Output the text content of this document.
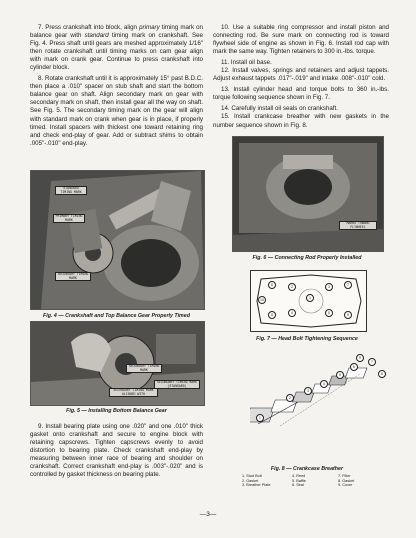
7. Press crankshaft into block, align primary timing mark on balance gear with standard timing mark on crankshaft. See Fig. 4. Press shaft until gears are meshed approximately 1/16" then rotate crankshaft until timing marks on cam gear align with mark on crank gear. Continue to press crankshaft into cylinder block.

8. Rotate crankshaft until it is approximately 15° past B.D.C. then place a .010" spacer on stub shaft and start the bottom balance gear on shaft. Align secondary mark on gear with secondary mark on shaft, then install gear all the way on shaft. See Fig. 5. The secondary timing mark on the gear will align with standard mark on crank when gear is in place, if properly timed. Install spacers with thickest one toward retaining ring and check end-play of gear. Add or subtract shims to obtain .005"-.010" end-play.

STANDARD TIMING MARK
PRIMARY TIMING MARK
SECONDARY TIMING MARK
Fig. 4 — Crankshaft and Top Balance Gear Properly Timed
SECONDARY TIMING MARK
SECONDARY TIMING MARK (STANDARD)
SECONDARY TIMING MARK ALIGNED WITH
Fig. 5 — Installing Bottom Balance Gear

9. Install bearing plate using one .020" and one .010" thick gasket onto crankshaft and secure to engine block with retaining capscrews. Tighten capscrews evenly to avoid distortion to bearing plate. Check crankshaft end-play by measuring between inner race of bearing and shoulder on crankshaft. Correct crankshaft end-play is .003"-.020" and is controlled by gasket thickness on bearing plate.

10. Use a suitable ring compressor and install piston and connecting rod. Be sure mark on connecting rod is toward flywheel side of engine as shown in Fig. 6. Install rod cap with mark the same way. Tighten retainers to 300 in.-lbs. torque.

11. Install oil base.

12. Install valves, springs and retainers and adjust tappets. Adjust exhaust tappets .017"-.019" and intake .008"-.010" cold.

13. Install cylinder head and torque bolts to 360 in.-lbs. torque following sequence shown in Fig. 7.

14. Carefully install oil seals on crankshaft.

15. Install crankcase breather with new gaskets in the number sequence shown in Fig. 8.

MARKS TOWARD FLYWHEEL
Fig. 6 — Connecting Rod Properly Installed
1
2	3
4	5
6	7
8	9
10
Fig. 7 — Head Bolt Tightening Sequence
1
2
3
4
5
6
7
8
9
Fig. 8 — Crankcase Breather
1. Stud Bolt
2. Gasket
3. Breather Plate
4. Reed
5. Baffle
6. Seal
7. Filter
8. Gasket
9. Cover
—3—
